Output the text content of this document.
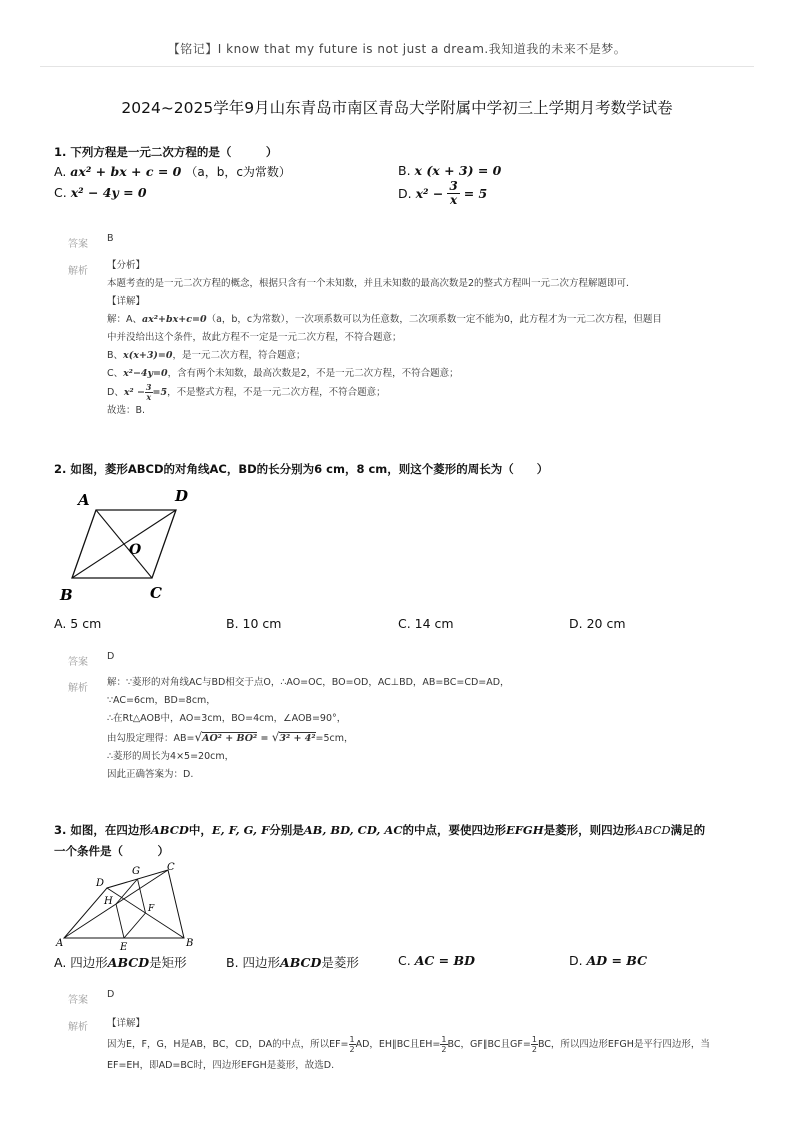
【铭记】I know that my future is not just a dream.我知道我的未来不是梦。
2024~2025学年9月山东青岛市南区青岛大学附属中学初三上学期月考数学试卷
1. 下列方程是一元二次方程的是（　　　）
A. ax² + bx + c = 0 （a，b，c为常数）	B. x (x + 3) = 0
C. x² − 4y = 0	D. $x^2 - \frac{3}{x} = 5$
答案
B
解析
【分析】
本题考查的是一元二次方程的概念，根据只含有一个未知数，并且未知数的最高次数是2的整式方程叫一元二次方程解题即可．
【详解】
解：A、ax²+bx+c=0（a，b，c为常数），一次项系数可以为任意数，二次项系数一定不能为0，此方程才为一元二次方程，但题目
中并没给出这个条件，故此方程不一定是一元二次方程，不符合题意；
B、x(x+3)=0，是一元二次方程，符合题意；
C、x²−4y=0，含有两个未知数，最高次数是2，不是一元二次方程，不符合题意；
D、$x^2 - \frac{3}{x} =5$，不是整式方程，不是一元二次方程，不符合题意；
故选：B.
2. 如图，菱形ABCD的对角线AC，BD的长分别为6 cm，8 cm，则这个菱形的周长为（　　）
A	D
O
B	C
A. 5 cm	B. 10 cm	C. 14 cm	D. 20 cm
答案
D
解析
解：∵菱形的对角线AC与BD相交于点O，∴AO=OC，BO=OD，AC⊥BD，AB=BC=CD=AD，
∵AC=6cm，BD=8cm，
∴在Rt△AOB中，AO=3cm，BO=4cm，∠AOB=90°，
由勾股定理得：AB=√AO² + BO² = √3² + 4²=5cm，
∴菱形的周长为4×5=20cm，
因此正确答案为：D.
3. 如图，在四边形ABCD中，E, F, G, F分别是AB, BD, CD, AC的中点，要使四边形EFGH是菱形，则四边形ABCD满足的
一个条件是（　　　）
A	B
C
D
E
F
G
H
A. 四边形ABCD是矩形	B. 四边形ABCD是菱形	C. AC = BD	D. AD = BC
答案
D
解析 【详解】
因为E，F，G，H是AB，BC，CD，DA的中点，所以$EF= \frac{1}{2}$ AD，EH∥BC且$EH= \frac{1}{2}$ BC，GF∥BC且$GF= \frac{1}{2}$ BC，所以四边形EFGH是平行四边形，当
EF=EH，即AD=BC时，四边形EFGH是菱形，故选D.
